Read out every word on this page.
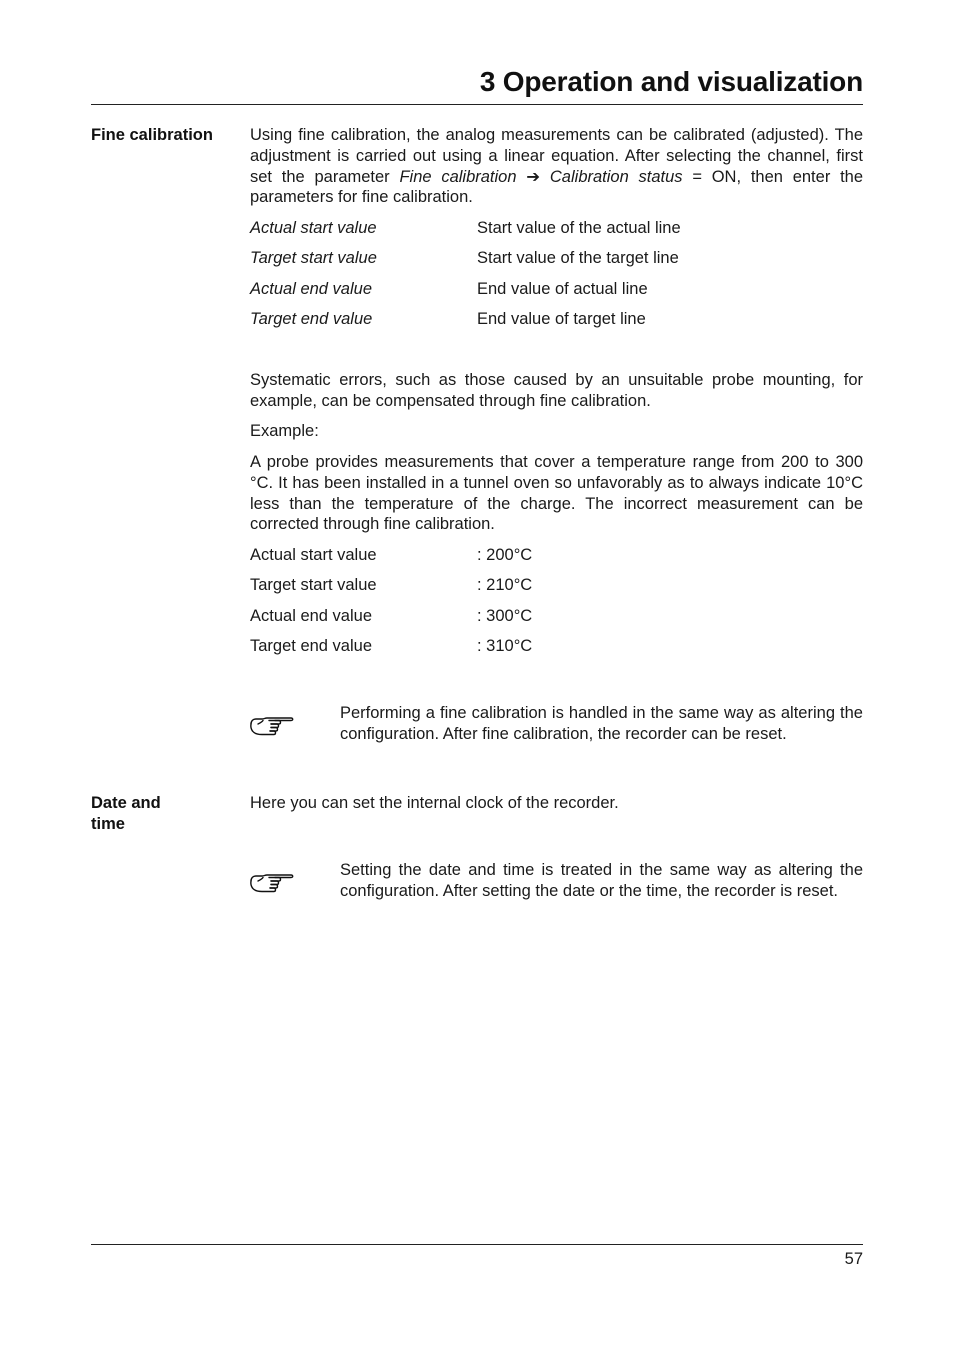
3 Operation and visualization
Fine calibration	Using fine calibration, the analog measurements can be calibrated (adjusted). The adjustment is carried out using a linear equation. After selecting the channel, first set the parameter Fine calibration ➔ Calibration status = ON, then enter the parameters for fine calibration.

Actual start value	Start value of the actual line
Target start value	Start value of the target line
Actual end value	End value of actual line
Target end value	End value of target line

Systematic errors, such as those caused by an unsuitable probe mounting, for example, can be compensated through fine calibration.

Example:

A probe provides measurements that cover a temperature range from 200 to 300 °C. It has been installed in a tunnel oven so unfavorably as to always indicate 10°C less than the temperature of the charge. The incorrect measurement can be corrected through fine calibration.

Actual start value	: 200°C
Target start value	: 210°C
Actual end value	: 300°C
Target end value	: 310°C

Performing a fine calibration is handled in the same way as altering the configuration. After fine calibration, the recorder can be reset.

Date and
time

Here you can set the internal clock of the recorder.

Setting the date and time is treated in the same way as altering the configuration. After setting the date or the time, the recorder is reset.

57
